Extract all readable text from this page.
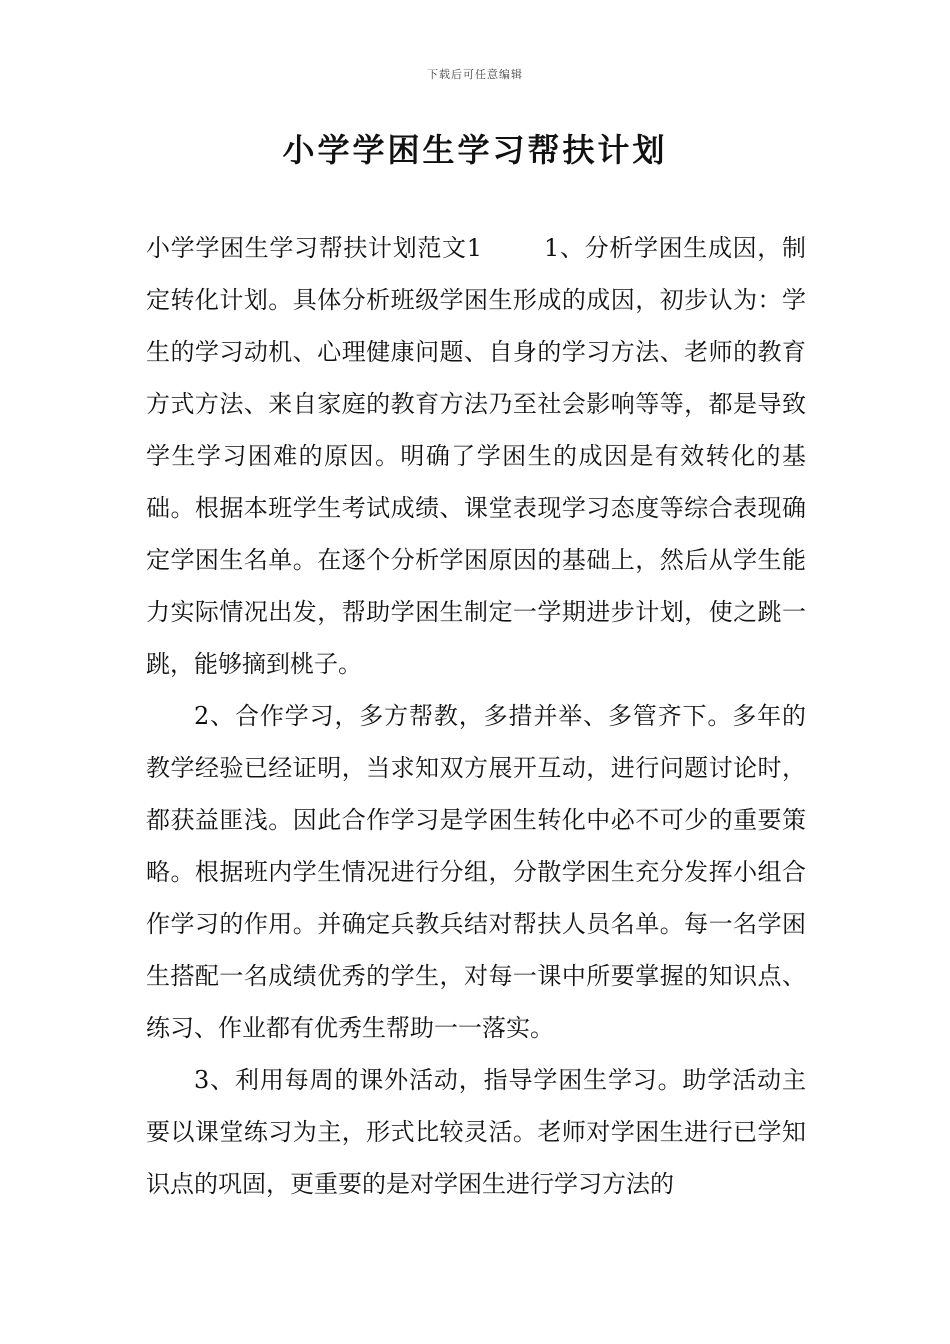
下载后可任意编辑
小学学困生学习帮扶计划

小学学困生学习帮扶计划范文1	1、分析学困生成因，制定转化计划。具体分析班级学困生形成的成因，初步认为：学生的学习动机、心理健康问题、自身的学习方法、老师的教育方式方法、来自家庭的教育方法乃至社会影响等等，都是导致学生学习困难的原因。明确了学困生的成因是有效转化的基础。根据本班学生考试成绩、课堂表现学习态度等综合表现确定学困生名单。在逐个分析学困原因的基础上，然后从学生能力实际情况出发，帮助学困生制定一学期进步计划，使之跳一跳，能够摘到桃子。

2、合作学习，多方帮教，多措并举、多管齐下。多年的教学经验已经证明，当求知双方展开互动，进行问题讨论时，都获益匪浅。因此合作学习是学困生转化中必不可少的重要策略。根据班内学生情况进行分组，分散学困生充分发挥小组合作学习的作用。并确定兵教兵结对帮扶人员名单。每一名学困生搭配一名成绩优秀的学生，对每一课中所要掌握的知识点、练习、作业都有优秀生帮助一一落实。

3、利用每周的课外活动，指导学困生学习。助学活动主要以课堂练习为主，形式比较灵活。老师对学困生进行已学知识点的巩固，更重要的是对学困生进行学习方法的
